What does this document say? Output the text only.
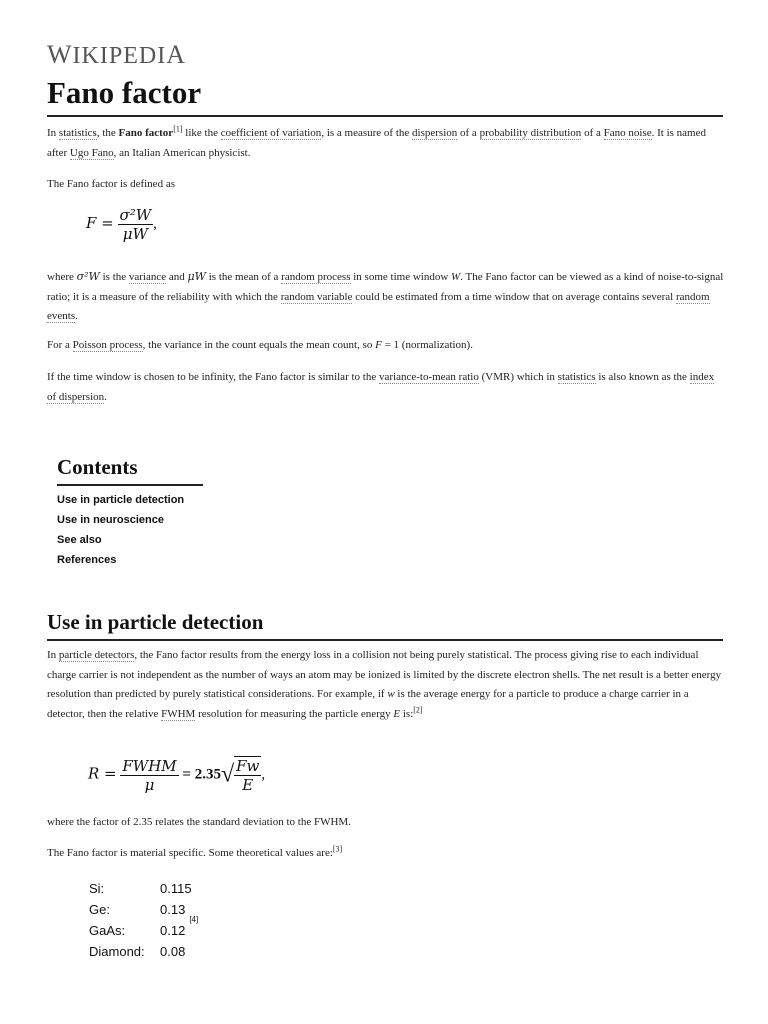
WIKIPEDIA
Fano factor
In statistics, the Fano factor[1] like the coefficient of variation, is a measure of the dispersion of a probability distribution of a Fano noise. It is named after Ugo Fano, an Italian American physicist.
The Fano factor is defined as
$F = \frac{\text{σ²W}}{\mu W}$ ,
where σ²W is the variance and μW is the mean of a random process in some time window W. The Fano factor can be viewed as a kind of noise-to-signal ratio; it is a measure of the reliability with which the random variable could be estimated from a time window that on average contains several random events.
For a Poisson process, the variance in the count equals the mean count, so F = 1 (normalization).
If the time window is chosen to be infinity, the Fano factor is similar to the variance-to-mean ratio (VMR) which in statistics is also known as the index of dispersion.
Contents
Use in particle detection
Use in neuroscience
See also
References
Use in particle detection
In particle detectors, the Fano factor results from the energy loss in a collision not being purely statistical. The process giving rise to each individual charge carrier is not independent as the number of ways an atom may be ionized is limited by the discrete electron shells. The net result is a better energy resolution than predicted by purely statistical considerations. For example, if w is the average energy for a particle to produce a charge carrier in a detector, then the relative FWHM resolution for measuring the particle energy E is:[2]
$R = \frac{\text{FWHM}}{\mu} = 2.35√ \frac{Fw}{E}$ ,
where the factor of 2.35 relates the standard deviation to the FWHM.
The Fano factor is material specific. Some theoretical values are:[3]
Si:	0.115
Ge:	0.13
GaAs:	0.12
[4]
Diamond:	0.08
